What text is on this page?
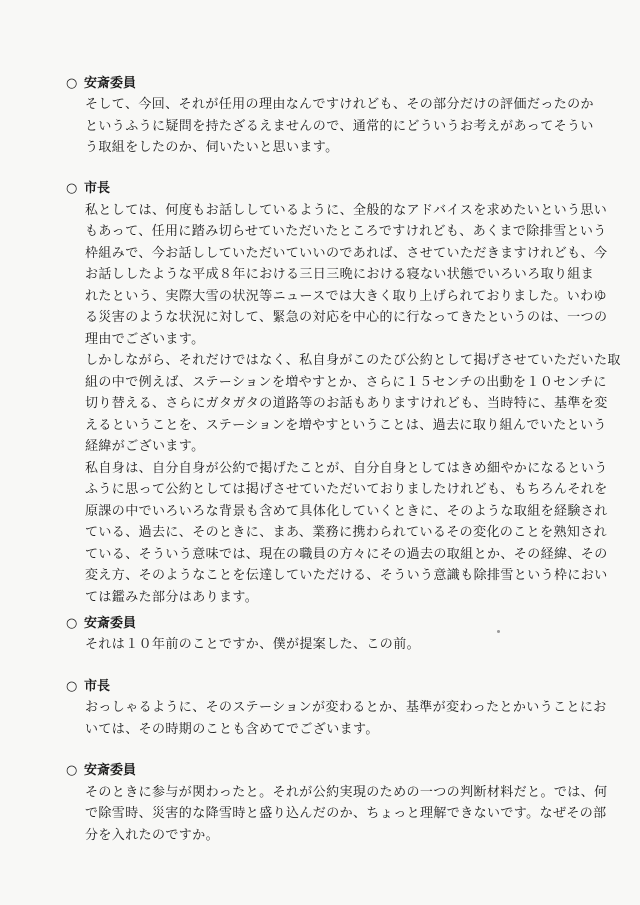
○ 安斎委員
そして、今回、それが任用の理由なんですけれども、その部分だけの評価だったのか
というふうに疑問を持たざるえませんので、通常的にどういうお考えがあってそうい
う取組をしたのか、伺いたいと思います。
○ 市長
私としては、何度もお話ししているように、全般的なアドバイスを求めたいという思い
もあって、任用に踏み切らせていただいたところですけれども、あくまで除排雪という
枠組みで、今お話ししていただいていいのであれば、させていただきますけれども、今
お話ししたような平成８年における三日三晩における寝ない状態でいろいろ取り組ま
れたという、実際大雪の状況等ニュースでは大きく取り上げられておりました。いわゆ
る災害のような状況に対して、緊急の対応を中心的に行なってきたというのは、一つの
理由でございます。
しかしながら、それだけではなく、私自身がこのたび公約として掲げさせていただいた取
組の中で例えば、ステーションを増やすとか、さらに１５センチの出動を１０センチに
切り替える、さらにガタガタの道路等のお話もありますけれども、当時特に、基準を変
えるということを、ステーションを増やすということは、過去に取り組んでいたという
経緯がございます。
私自身は、自分自身が公約で掲げたことが、自分自身としてはきめ細やかになるという
ふうに思って公約としては掲げさせていただいておりましたけれども、もちろんそれを
原課の中でいろいろな背景も含めて具体化していくときに、そのような取組を経験され
ている、過去に、そのときに、まあ、業務に携わられているその変化のことを熟知され
ている、そういう意味では、現在の職員の方々にその過去の取組とか、その経緯、その
変え方、そのようなことを伝達していただける、そういう意識も除排雪という枠におい
ては鑑みた部分はあります。
○ 安斎委員
それは１０年前のことですか、僕が提案した、この前。
○ 市長
おっしゃるように、そのステーションが変わるとか、基準が変わったとかいうことにお
いては、その時期のことも含めてでございます。
○ 安斎委員
そのときに参与が関わったと。それが公約実現のための一つの判断材料だと。では、何
で除雪時、災害的な降雪時と盛り込んだのか、ちょっと理解できないです。なぜその部
分を入れたのですか。
